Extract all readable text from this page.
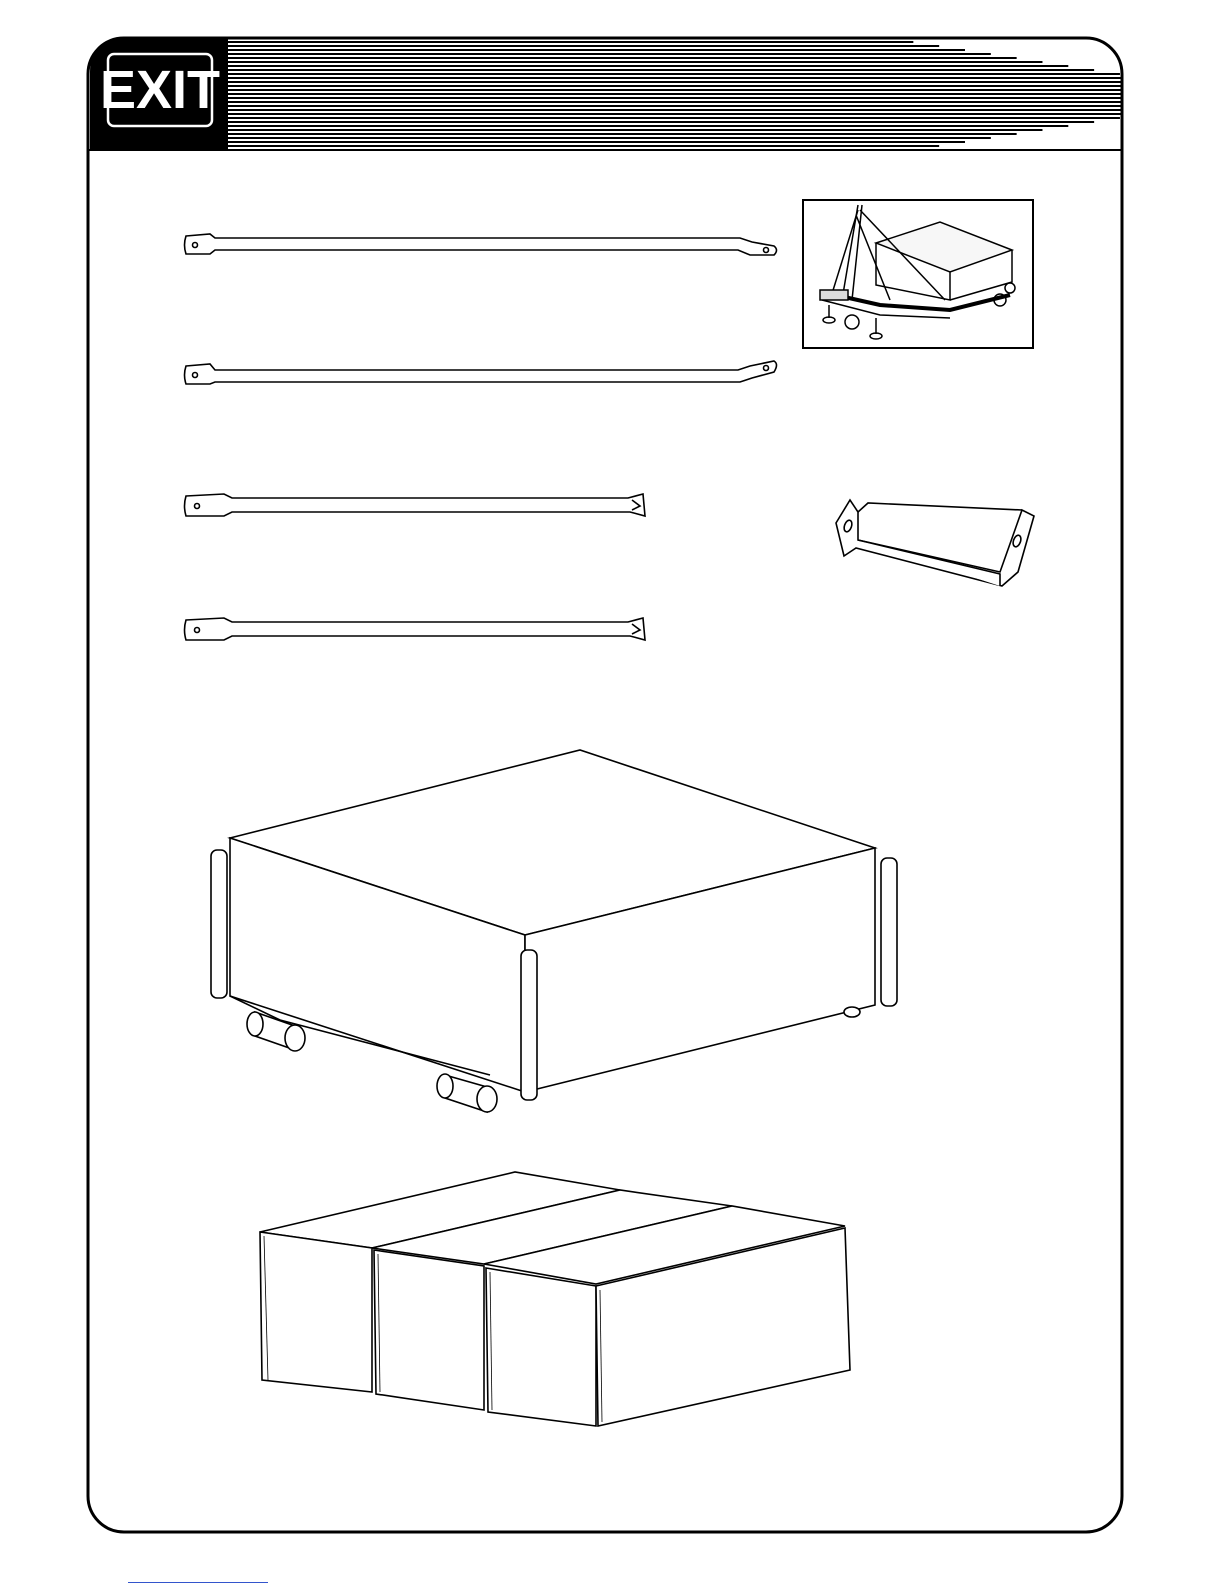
EXIT
